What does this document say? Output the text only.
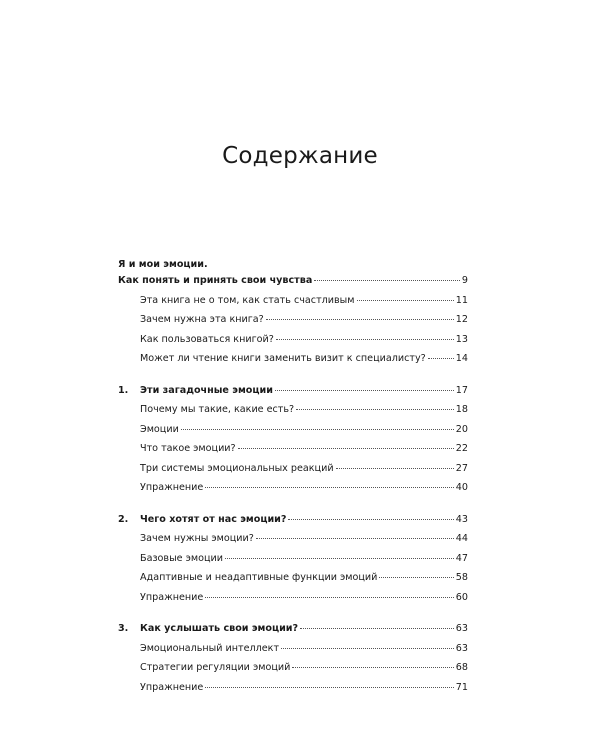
Содержание
Я и мои эмоции.
Как понять и принять свои чувства	9
Эта книга не о том, как стать счастливым	11
Зачем нужна эта книга?	12
Как пользоваться книгой?	13
Может ли чтение книги заменить визит к специалисту?	14
1.	Эти загадочные эмоции	17
Почему мы такие, какие есть?	18
Эмоции	20
Что такое эмоции?	22
Три системы эмоциональных реакций	27
Упражнение	40
2.	Чего хотят от нас эмоции?	43
Зачем нужны эмоции?	44
Базовые эмоции	47
Адаптивные и неадаптивные функции эмоций	58
Упражнение	60
3.	Как услышать свои эмоции?	63
Эмоциональный интеллект	63
Стратегии регуляции эмоций	68
Упражнение	71
